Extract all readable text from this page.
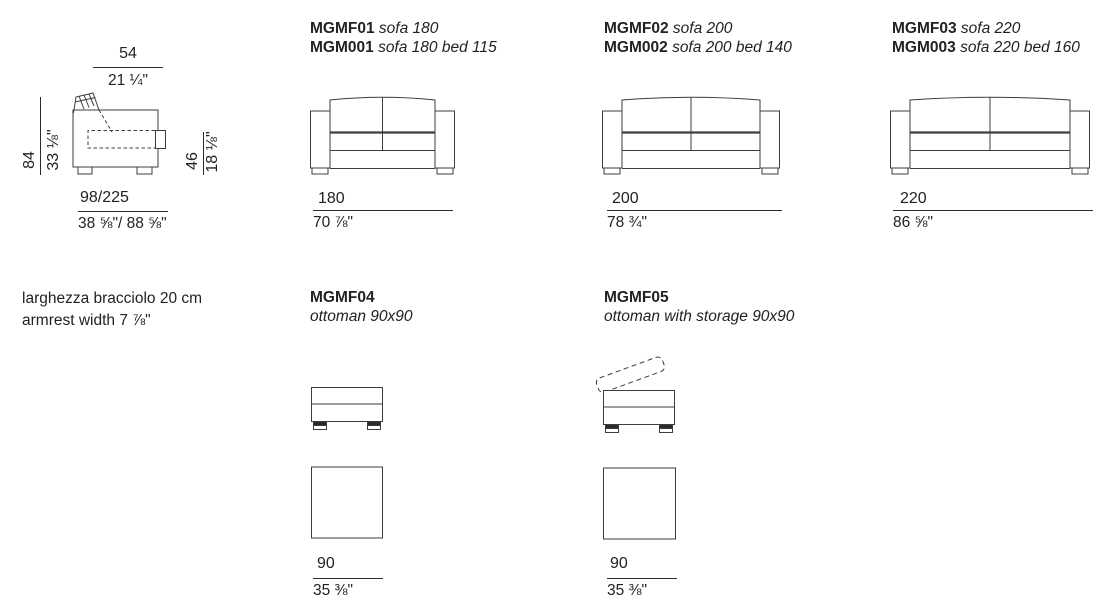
54
21 ¼"
84 33 ⅛"	46 18 ⅛"
98/225
38 ⅝"/ 88 ⅝"
larghezza bracciolo 20 cm
armrest width 7 ⅞"
MGMF01 sofa 180
MGM001 sofa 180 bed 115
180
70 ⅞"
MGMF02 sofa 200
MGM002 sofa 200 bed 140
200
78 ¾"
MGMF03 sofa 220
MGM003 sofa 220 bed 160
220
86 ⅝"
MGMF04
ottoman 90x90
90
35 ⅜"
MGMF05
ottoman with storage 90x90
90
35 ⅜"
